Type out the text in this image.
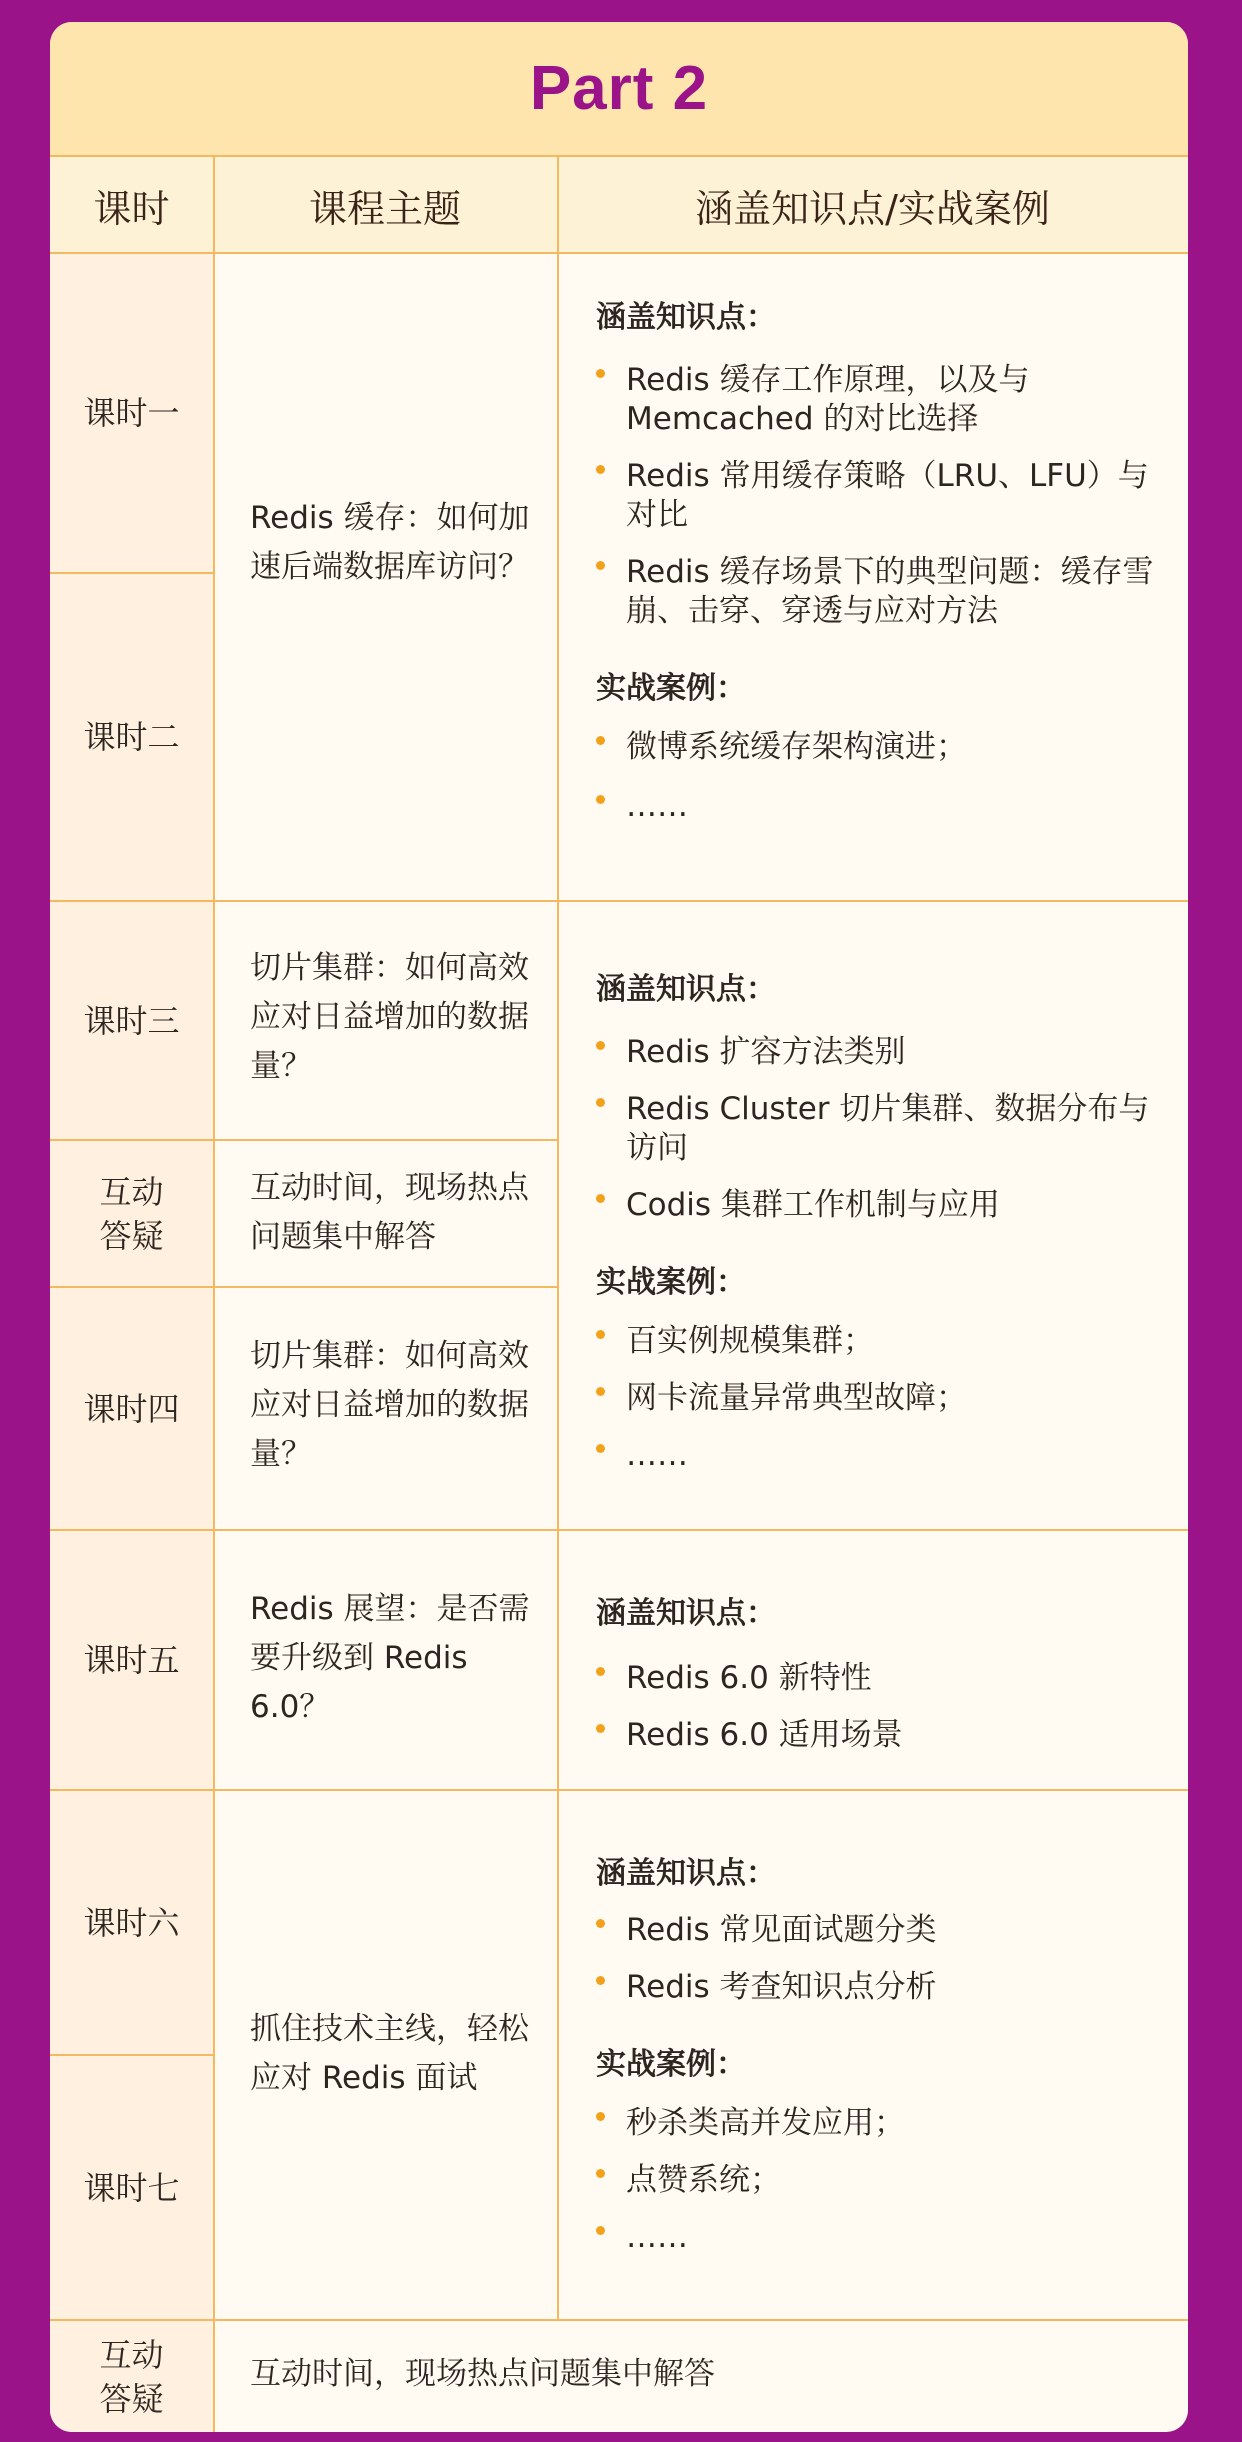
Part 2
课时	课程主题	涵盖知识点/实战案例
课时一
课时二
课时三
互动答疑
课时四
课时五
课时六
课时七
互动答疑
Redis 缓存：如何加速后端数据库访问？
切片集群：如何高效应对日益增加的数据量？
互动时间，现场热点问题集中解答
切片集群：如何高效应对日益增加的数据量？
Redis 展望：是否需要升级到 Redis 6.0？
抓住技术主线，轻松应对 Redis 面试
互动时间，现场热点问题集中解答
涵盖知识点：
Redis 缓存工作原理，以及与 Memcached 的对比选择
Redis 常用缓存策略（LRU、LFU）与对比
Redis 缓存场景下的典型问题：缓存雪崩、击穿、穿透与应对方法
实战案例：
微博系统缓存架构演进；
……
涵盖知识点：
Redis 扩容方法类别
Redis Cluster 切片集群、数据分布与访问
Codis 集群工作机制与应用
实战案例：
百实例规模集群；
网卡流量异常典型故障；
……
涵盖知识点：
Redis 6.0 新特性
Redis 6.0 适用场景
涵盖知识点：
Redis 常见面试题分类
Redis 考查知识点分析
实战案例：
秒杀类高并发应用；
点赞系统；
……
